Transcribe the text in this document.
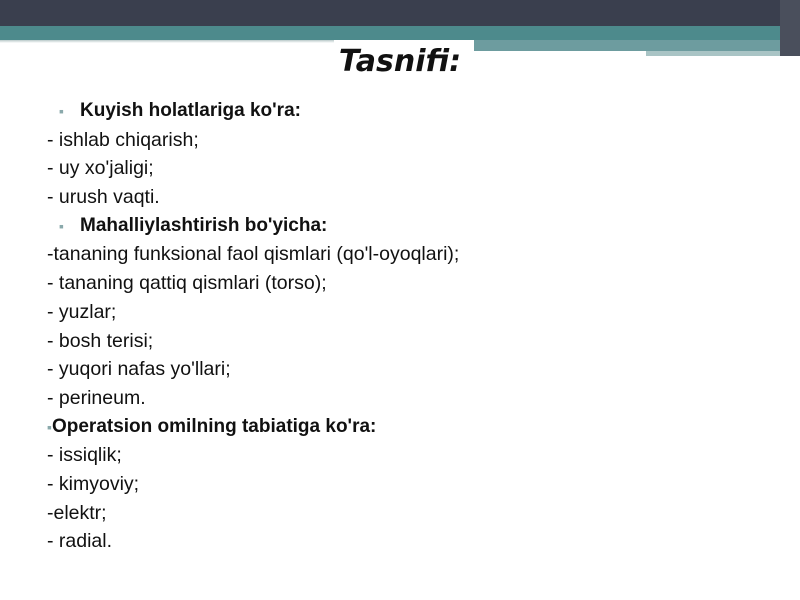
Tasnifi:
▪ Kuyish holatlariga ko'ra:
- ishlab chiqarish;
- uy xo'jaligi;
- urush vaqti.
▪ Mahalliylashtirish bo'yicha:
-tananing funksional faol qismlari (qo'l-oyoqlari);
- tananing qattiq qismlari (torso);
- yuzlar;
- bosh terisi;
- yuqori nafas yo'llari;
- perineum.
▪Operatsion omilning tabiatiga ko'ra:
- issiqlik;
- kimyoviy;
-elektr;
- radial.
